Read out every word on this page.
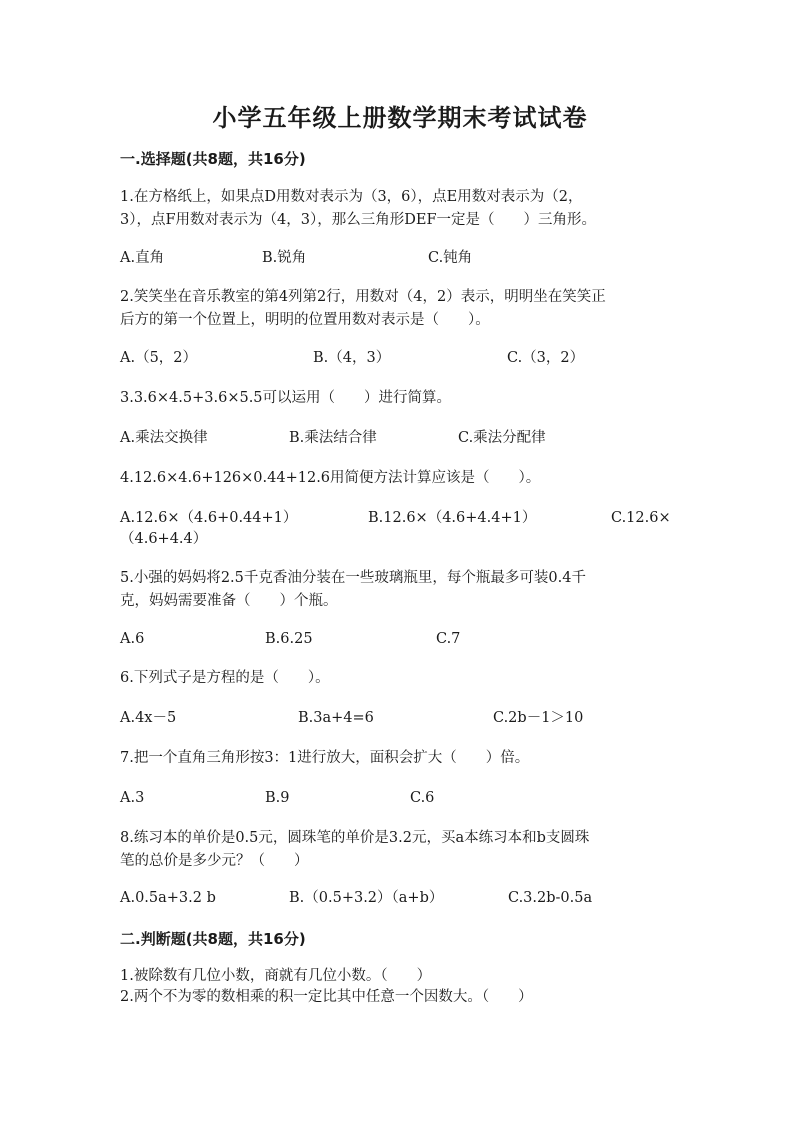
小学五年级上册数学期末考试试卷
一.选择题(共8题，共16分)
1.在方格纸上，如果点D用数对表示为（3，6），点E用数对表示为（2，
3），点F用数对表示为（4，3），那么三角形DEF一定是（　　）三角形。
A.直角	B.锐角	C.钝角
2.笑笑坐在音乐教室的第4列第2行，用数对（4，2）表示，明明坐在笑笑正
后方的第一个位置上，明明的位置用数对表示是（　　）。
A.（5，2）	B.（4，3）	C.（3，2）
3.3.6×4.5+3.6×5.5可以运用（　　）进行简算。
A.乘法交换律	B.乘法结合律	C.乘法分配律
4.12.6×4.6+126×0.44+12.6用简便方法计算应该是（　　）。
A.12.6×（4.6+0.44+1）	B.12.6×（4.6+4.4+1）	C.12.6×
（4.6+4.4）
5.小强的妈妈将2.5千克香油分装在一些玻璃瓶里，每个瓶最多可装0.4千
克，妈妈需要准备（　　）个瓶。
A.6	B.6.25	C.7
6.下列式子是方程的是（　　）。
A.4x－5	B.3a+4=6	C.2b－1＞10
7.把一个直角三角形按3：1进行放大，面积会扩大（　　）倍。
A.3	B.9	C.6
8.练习本的单价是0.5元，圆珠笔的单价是3.2元，买a本练习本和b支圆珠
笔的总价是多少元？（　　）
A.0.5a+3.2 b	B.（0.5+3.2）（a+b）	C.3.2b-0.5a
二.判断题(共8题，共16分)
1.被除数有几位小数，商就有几位小数。（　　）
2.两个不为零的数相乘的积一定比其中任意一个因数大。（　　）
